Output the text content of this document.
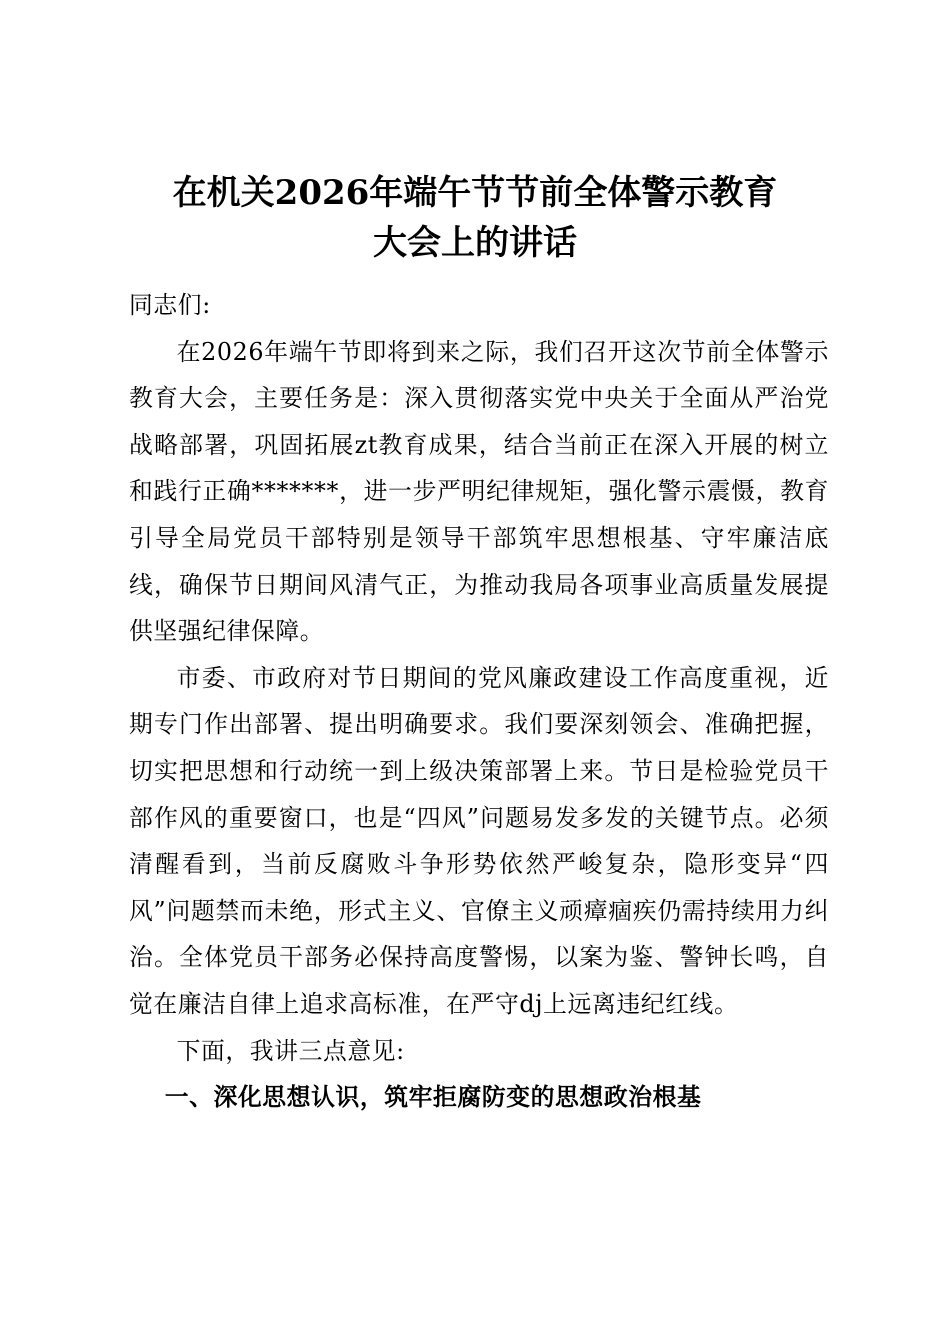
在机关2026年端午节节前全体警示教育
大会上的讲话

同志们:

在2026年端午节即将到来之际，我们召开这次节前全体警示教育大会，主要任务是：深入贯彻落实党中央关于全面从严治党战略部署，巩固拓展zt教育成果，结合当前正在深入开展的树立和践行正确*******，进一步严明纪律规矩，强化警示震慑，教育引导全局党员干部特别是领导干部筑牢思想根基、守牢廉洁底线，确保节日期间风清气正，为推动我局各项事业高质量发展提供坚强纪律保障。

市委、市政府对节日期间的党风廉政建设工作高度重视，近期专门作出部署、提出明确要求。我们要深刻领会、准确把握，切实把思想和行动统一到上级决策部署上来。节日是检验党员干部作风的重要窗口，也是“四风”问题易发多发的关键节点。必须清醒看到，当前反腐败斗争形势依然严峻复杂，隐形变异“四风”问题禁而未绝，形式主义、官僚主义顽瘴痼疾仍需持续用力纠治。全体党员干部务必保持高度警惕，以案为鉴、警钟长鸣，自觉在廉洁自律上追求高标准，在严守dj上远离违纪红线。

下面，我讲三点意见:

一、深化思想认识，筑牢拒腐防变的思想政治根基
